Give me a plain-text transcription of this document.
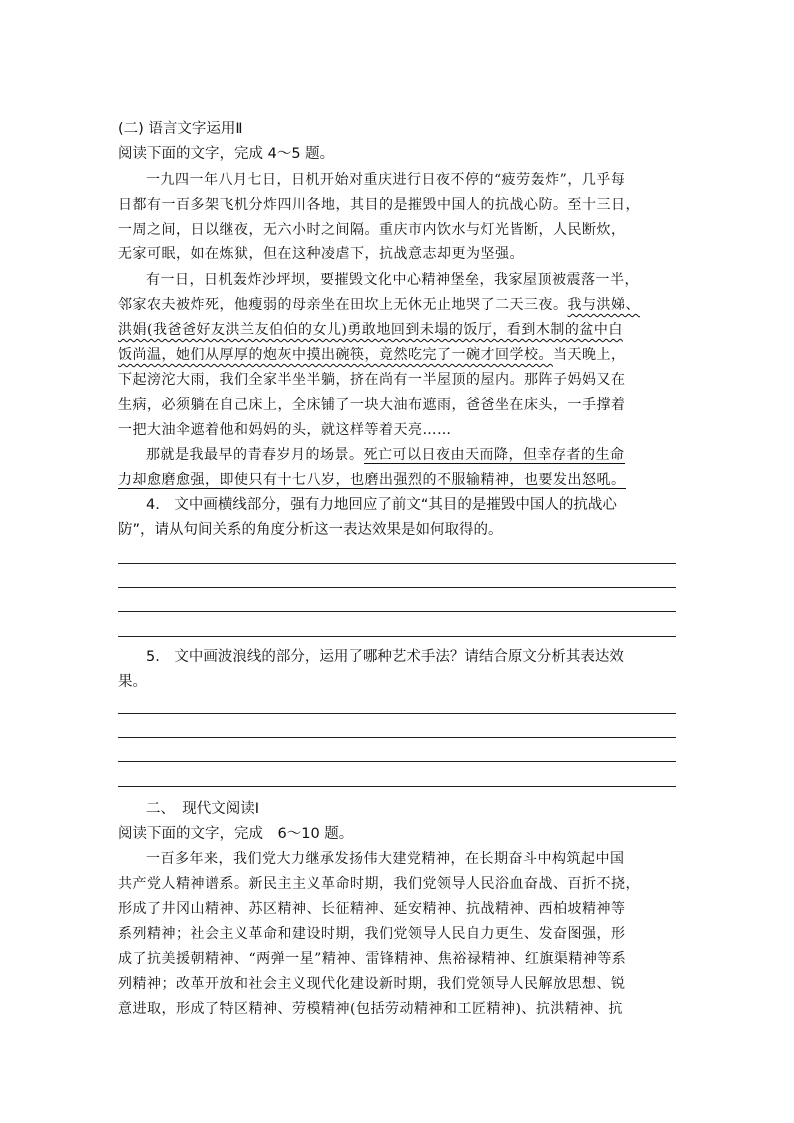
(二) 语言文字运用Ⅱ
阅读下面的文字，完成 4～5 题。
一九四一年八月七日，日机开始对重庆进行日夜不停的“疲劳轰炸”，几乎每
日都有一百多架飞机分炸四川各地，其目的是摧毁中国人的抗战心防。至十三日，
一周之间，日以继夜，无六小时之间隔。重庆市内饮水与灯光皆断，人民断炊，
无家可眠，如在炼狱，但在这种凌虐下，抗战意志却更为坚强。
有一日，日机轰炸沙坪坝，要摧毁文化中心精神堡垒，我家屋顶被震落一半，
邻家农夫被炸死，他瘦弱的母亲坐在田坎上无休无止地哭了二天三夜。我与洪娣、
洪娟(我爸爸好友洪兰友伯伯的女儿)勇敢地回到未塌的饭厅，看到木制的盆中白
饭尚温，她们从厚厚的炮灰中摸出碗筷，竟然吃完了一碗才回学校。当天晚上，
下起滂沱大雨，我们全家半坐半躺，挤在尚有一半屋顶的屋内。那阵子妈妈又在
生病，必须躺在自己床上，全床铺了一块大油布遮雨，爸爸坐在床头，一手撑着
一把大油伞遮着他和妈妈的头，就这样等着天亮……
那就是我最早的青春岁月的场景。死亡可以日夜由天而降，但幸存者的生命
力却愈磨愈强，即使只有十七八岁，也磨出强烈的不服输精神，也要发出怒吼。
4.　文中画横线部分，强有力地回应了前文“其目的是摧毁中国人的抗战心
防”，请从句间关系的角度分析这一表达效果是如何取得的。
5.　文中画波浪线的部分，运用了哪种艺术手法？请结合原文分析其表达效
果。
二、　现代文阅读Ⅰ
阅读下面的文字，完成　6～10 题。
一百多年来，我们党大力继承发扬伟大建党精神，在长期奋斗中构筑起中国
共产党人精神谱系。新民主主义革命时期，我们党领导人民浴血奋战、百折不挠，
形成了井冈山精神、苏区精神、长征精神、延安精神、抗战精神、西柏坡精神等
系列精神；社会主义革命和建设时期，我们党领导人民自力更生、发奋图强，形
成了抗美援朝精神、“两弹一星”精神、雷锋精神、焦裕禄精神、红旗渠精神等系
列精神；改革开放和社会主义现代化建设新时期，我们党领导人民解放思想、锐
意进取，形成了特区精神、劳模精神(包括劳动精神和工匠精神)、抗洪精神、抗
